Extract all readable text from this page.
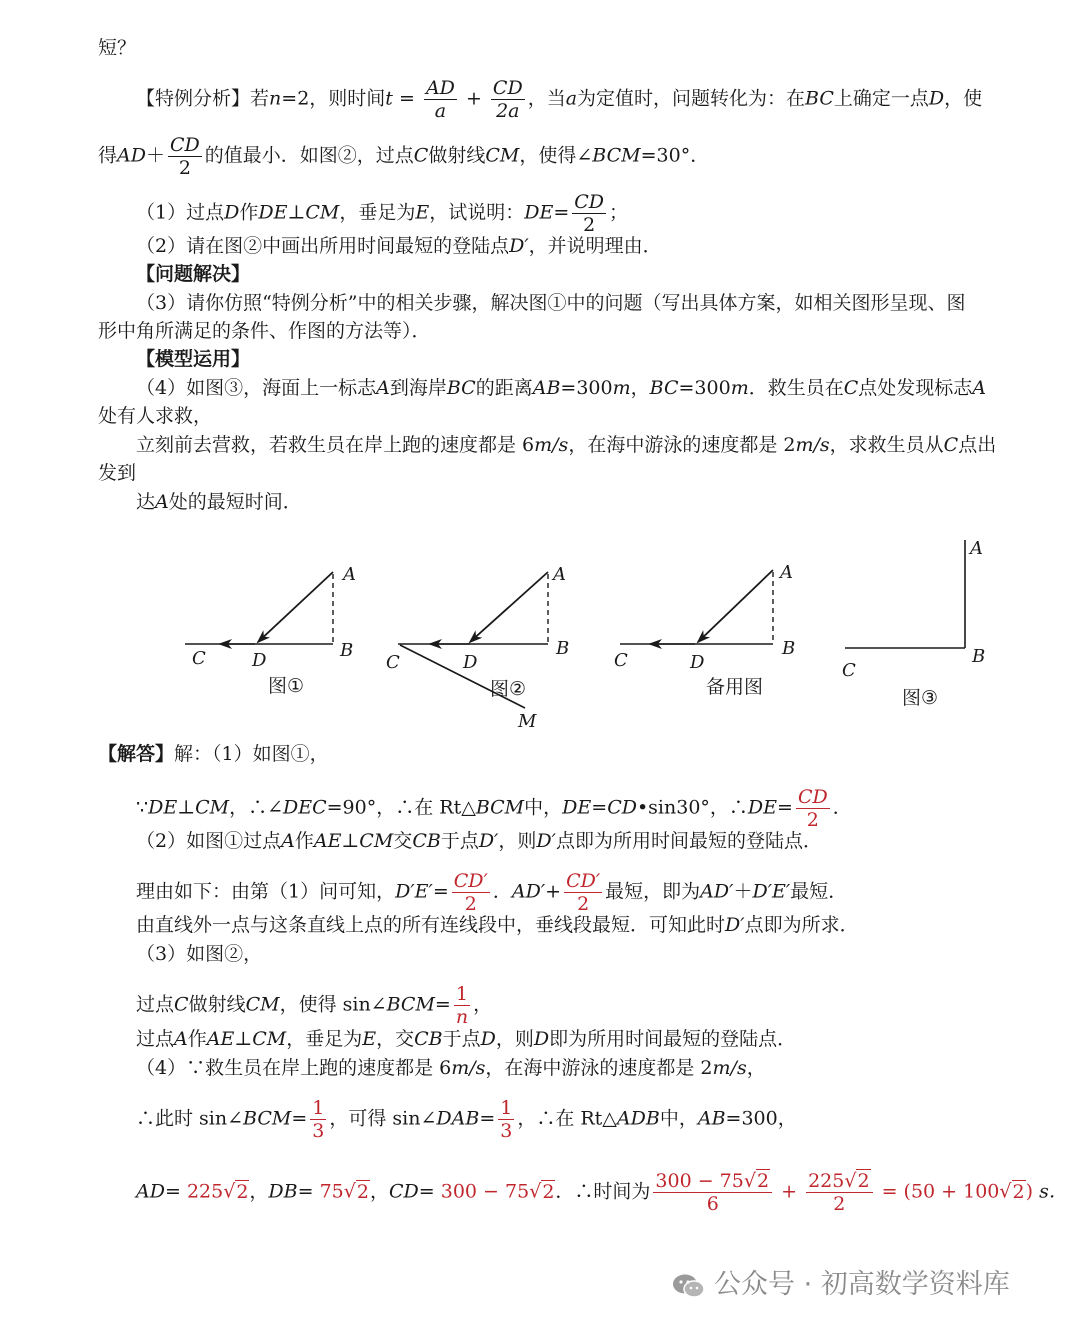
短？
【特例分析】若n=2，则时间$t = \frac{AD}{a} + \frac{CD}{2a}$ ，当a为定值时，问题转化为：在BC上确定一点D，使
得$AD+ \frac{CD}{2}$ 的值最小．如图②，过点C做射线CM，使得∠BCM=30°．
（1）过点D作DE⊥CM，垂足为E，试说明：$DE= \frac{CD}{2}$ ；
（2）请在图②中画出所用时间最短的登陆点D′，并说明理由．
【问题解决】
（3）请你仿照“特例分析”中的相关步骤，解决图①中的问题（写出具体方案，如相关图形呈现、图
形中角所满足的条件、作图的方法等）．
【模型运用】
（4）如图③，海面上一标志A到海岸BC的距离AB=300m，BC=300m．救生员在C点处发现标志A
处有人求救，
立刻前去营救，若救生员在岸上跑的速度都是 6m/s，在海中游泳的速度都是 2m/s，求救生员从C点出
发到
达A处的最短时间．
A
B
C	D
图①
A
B
C	D
M
图②
A
B
C	D
备用图
A
B
C
图③
【解答】解：（1）如图①，
∵DE⊥CM，∴∠DEC=90°，∴在 Rt△BCM中，DE=CD•sin30°，∴DE= $\frac{CD}{2}$ ．
（2）如图①过点A作AE⊥CM交CB于点D′，则D′点即为所用时间最短的登陆点．
理由如下：由第（1）问可知，$D'E'= \frac{CD'}{2}$ ．$AD'+ \frac{CD'}{2}$ 最短，即为AD′＋D′E′最短．
由直线外一点与这条直线上点的所有连线段中，垂线段最短．可知此时D′点即为所求．
（3）如图②，
过点C做射线CM，使得 sin∠BCM= $\frac{1}{n}$ ，
过点A作AE⊥CM，垂足为E，交CB于点D，则D即为所用时间最短的登陆点．
（4）∵救生员在岸上跑的速度都是 6m/s，在海中游泳的速度都是 2m/s，
∴此时 sin∠BCM= $\frac{1}{3}$ ，可得 sin∠DAB= $\frac{1}{3}$ ，∴在 Rt△ADB中，AB=300，
AD= 225√2，DB= 75√2，CD= 300 − 75√2．∴时间为 $\frac{300 - 75√2}{6} + \frac{225√2}{2} = (50 + 100√2)$ s．
公众号 · 初高数学资料库
